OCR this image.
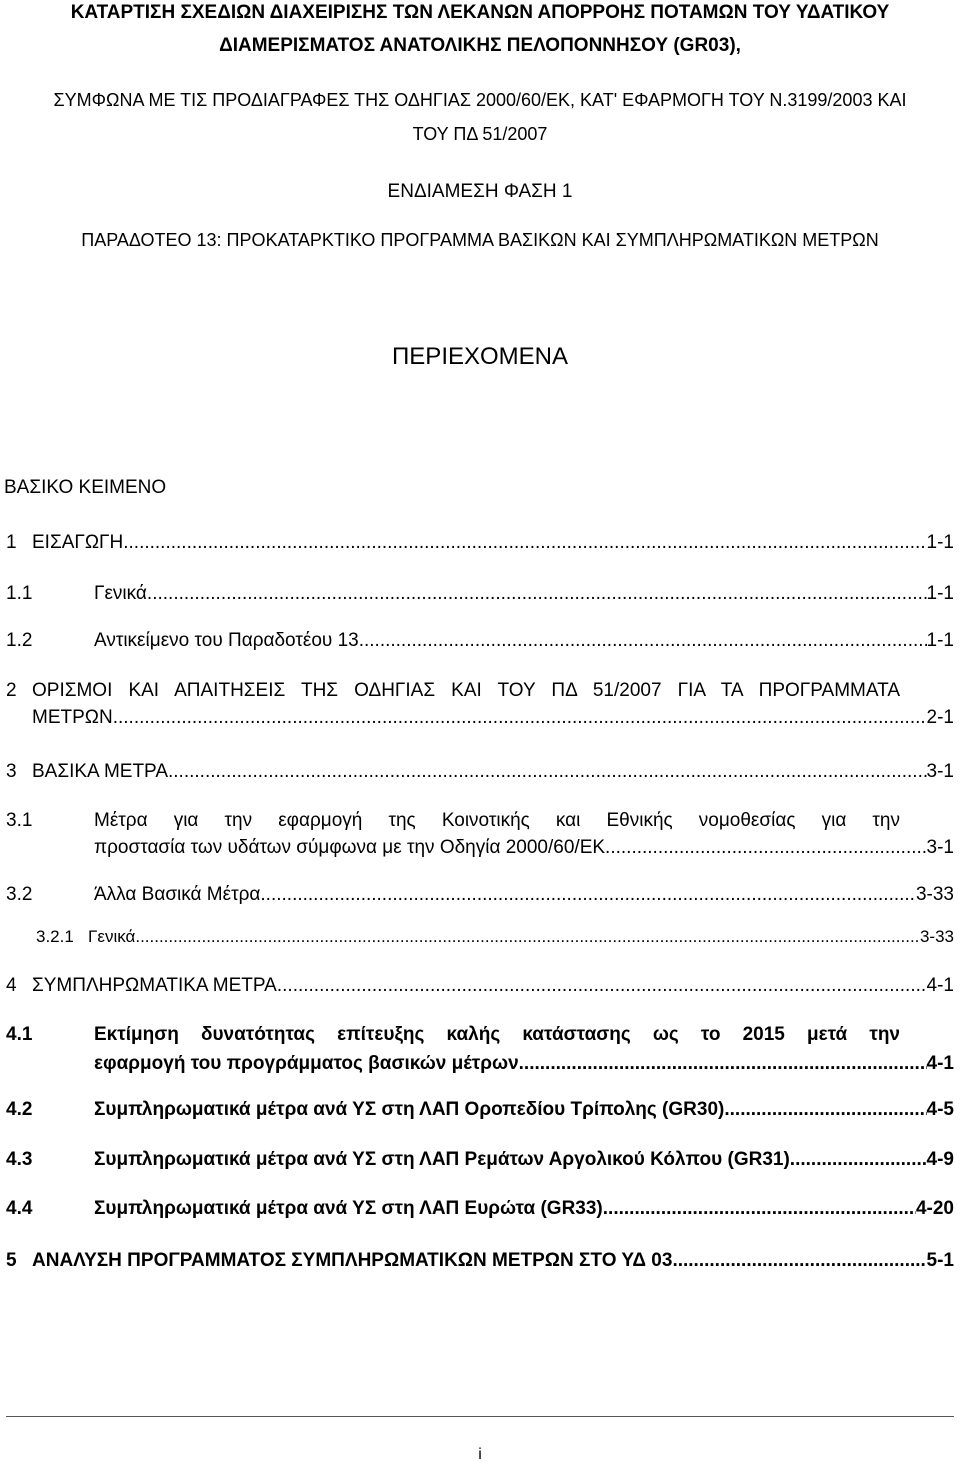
ΚΑΤΑΡΤΙΣΗ ΣΧΕΔΙΩΝ ΔΙΑΧΕΙΡΙΣΗΣ ΤΩΝ ΛΕΚΑΝΩΝ ΑΠΟΡΡΟΗΣ ΠΟΤΑΜΩΝ ΤΟΥ ΥΔΑΤΙΚΟΥ
ΔΙΑΜΕΡΙΣΜΑΤΟΣ ΑΝΑΤΟΛΙΚΗΣ ΠΕΛΟΠΟΝΝΗΣΟΥ (GR03),
ΣΥΜΦΩΝΑ ΜΕ ΤΙΣ ΠΡΟΔΙΑΓΡΑΦΕΣ ΤΗΣ ΟΔΗΓΙΑΣ 2000/60/ΕΚ, ΚΑΤ' ΕΦΑΡΜΟΓΗ ΤΟΥ Ν.3199/2003 ΚΑΙ
ΤΟΥ ΠΔ 51/2007
ΕΝΔΙΑΜΕΣΗ ΦΑΣΗ 1
ΠΑΡΑΔΟΤΕΟ 13: ΠΡΟΚΑΤΑΡΚΤΙΚΟ ΠΡΟΓΡΑΜΜΑ ΒΑΣΙΚΩΝ ΚΑΙ ΣΥΜΠΛΗΡΩΜΑΤΙΚΩΝ ΜΕΤΡΩΝ
ΠΕΡΙΕΧΟΜΕΝΑ
ΒΑΣΙΚΟ ΚΕΙΜΕΝΟ
1 ΕΙΣΑΓΩΓΗ .....	1-1
1.1	Γενικά .....	1-1
1.2	Αντικείμενο του Παραδοτέου 13 .....	1-1
2 ΟΡΙΣΜΟΙ ΚΑΙ ΑΠΑΙΤΗΣΕΙΣ ΤΗΣ ΟΔΗΓΙΑΣ ΚΑΙ ΤΟΥ ΠΔ 51/2007 ΓΙΑ ΤΑ ΠΡΟΓΡΑΜΜΑΤΑ
ΜΕΤΡΩΝ .....	2-1
3 ΒΑΣΙΚΑ ΜΕΤΡΑ .....	3-1
3.1	Μέτρα για την εφαρμογή της Κοινοτικής και Εθνικής νομοθεσίας για την
προστασία των υδάτων σύμφωνα με την Οδηγία 2000/60/ΕΚ .....	3-1
3.2	Άλλα Βασικά Μέτρα .....	3-33
3.2.1 Γενικά .....	3-33
4 ΣΥΜΠΛΗΡΩΜΑΤΙΚΑ ΜΕΤΡΑ .....	4-1
4.1	Εκτίμηση δυνατότητας επίτευξης καλής κατάστασης ως το 2015 μετά την
εφαρμογή του προγράμματος βασικών μέτρων .....	4-1
4.2	Συμπληρωματικά μέτρα ανά ΥΣ στη ΛΑΠ Οροπεδίου Τρίπολης (GR30) .....	4-5
4.3	Συμπληρωματικά μέτρα ανά ΥΣ στη ΛΑΠ Ρεμάτων Αργολικού Κόλπου (GR31) .....	4-9
4.4	Συμπληρωματικά μέτρα ανά ΥΣ στη ΛΑΠ Ευρώτα (GR33) .....	4-20
5 ΑΝΑΛΥΣΗ ΠΡΟΓΡΑΜΜΑΤΟΣ ΣΥΜΠΛΗΡΩΜΑΤΙΚΩΝ ΜΕΤΡΩΝ ΣΤΟ ΥΔ 03 .....	5-1
i
